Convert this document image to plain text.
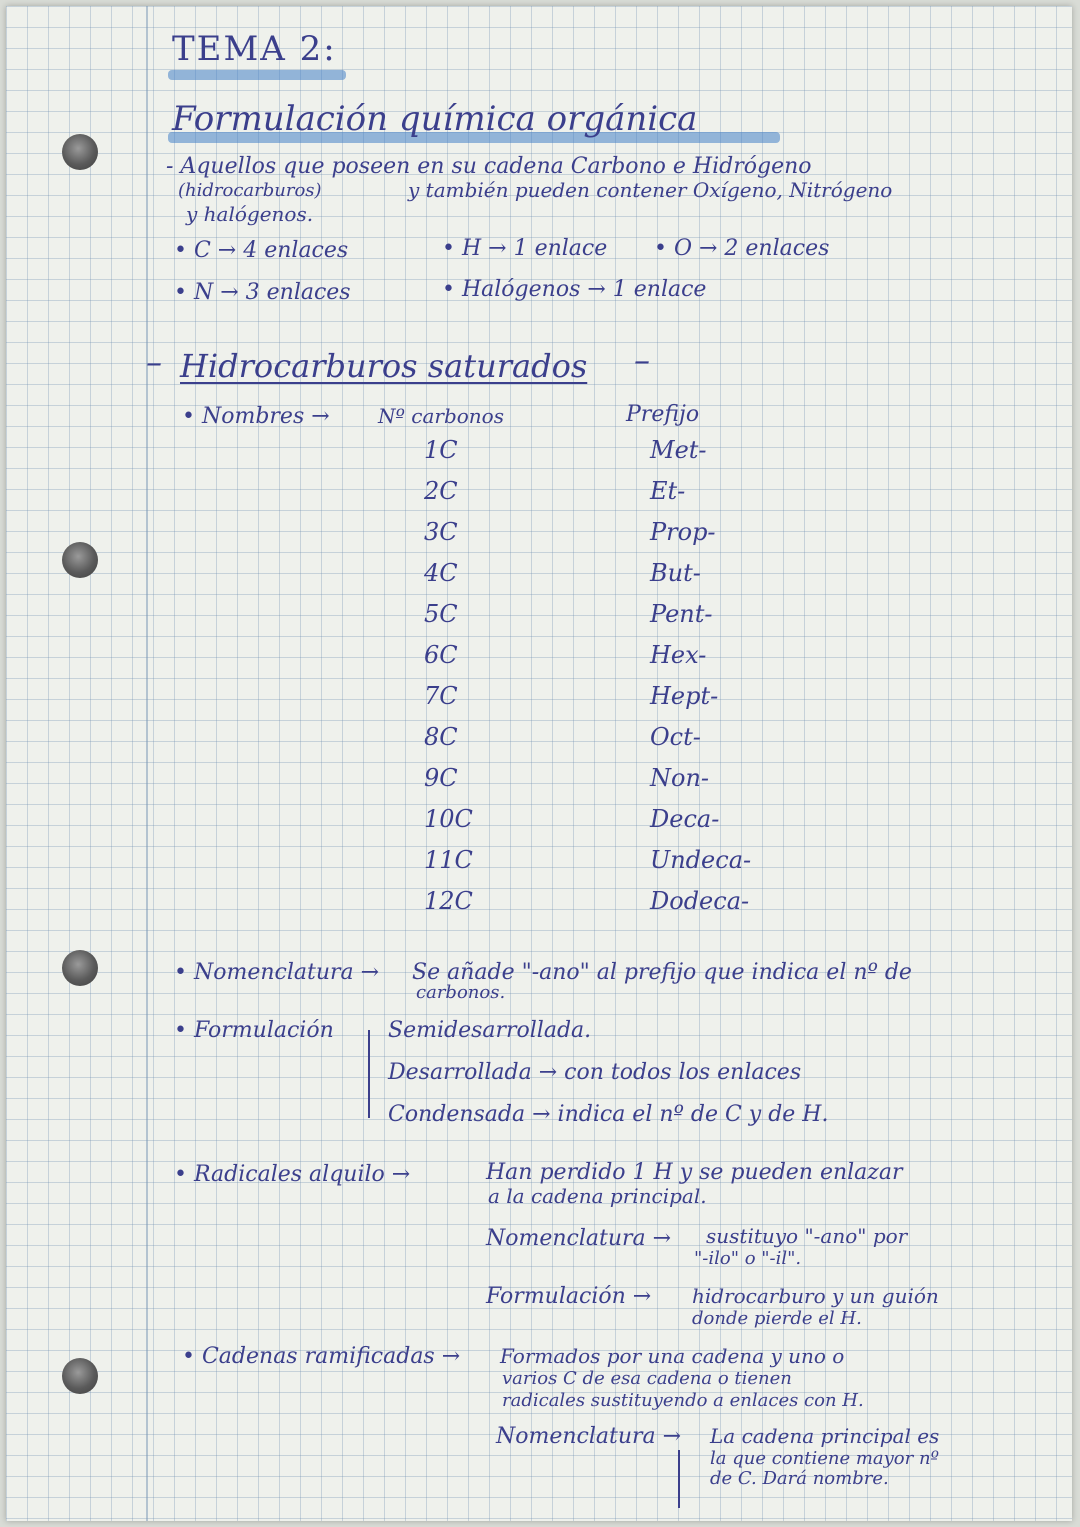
TEMA 2:
Formulación química orgánica
- Aquellos que poseen en su cadena Carbono e Hidrógeno
(hidrocarburos)	y también pueden contener Oxígeno, Nitrógeno
y halógenos.
• C → 4 enlaces	• H → 1 enlace • O → 2 enlaces
• N → 3 enlaces	• Halógenos → 1 enlace
– Hidrocarburos saturados –
• Nombres → Nº carbonos	Prefijo
1C	Met-
2C	Et-
3C	Prop-
4C	But-
5C	Pent-
6C	Hex-
7C	Hept-
8C	Oct-
9C	Non-
10C	Deca-
11C	Undeca-
12C	Dodeca-
• Nomenclatura → Se añade "-ano" al prefijo que indica el nº de
carbonos.
• Formulación Semidesarrollada.
Desarrollada → con todos los enlaces
Condensada → indica el nº de C y de H.
• Radicales alquilo →	Han perdido 1 H y se pueden enlazar
a la cadena principal.
Nomenclatura → sustituyo "-ano" por
"-ilo" o "-il".
Formulación → hidrocarburo y un guión
donde pierde el H.
• Cadenas ramificadas → Formados por una cadena y uno o
varios C de esa cadena o tienen
radicales sustituyendo a enlaces con H.
Nomenclatura → La cadena principal es
la que contiene mayor nº
de C. Dará nombre.
